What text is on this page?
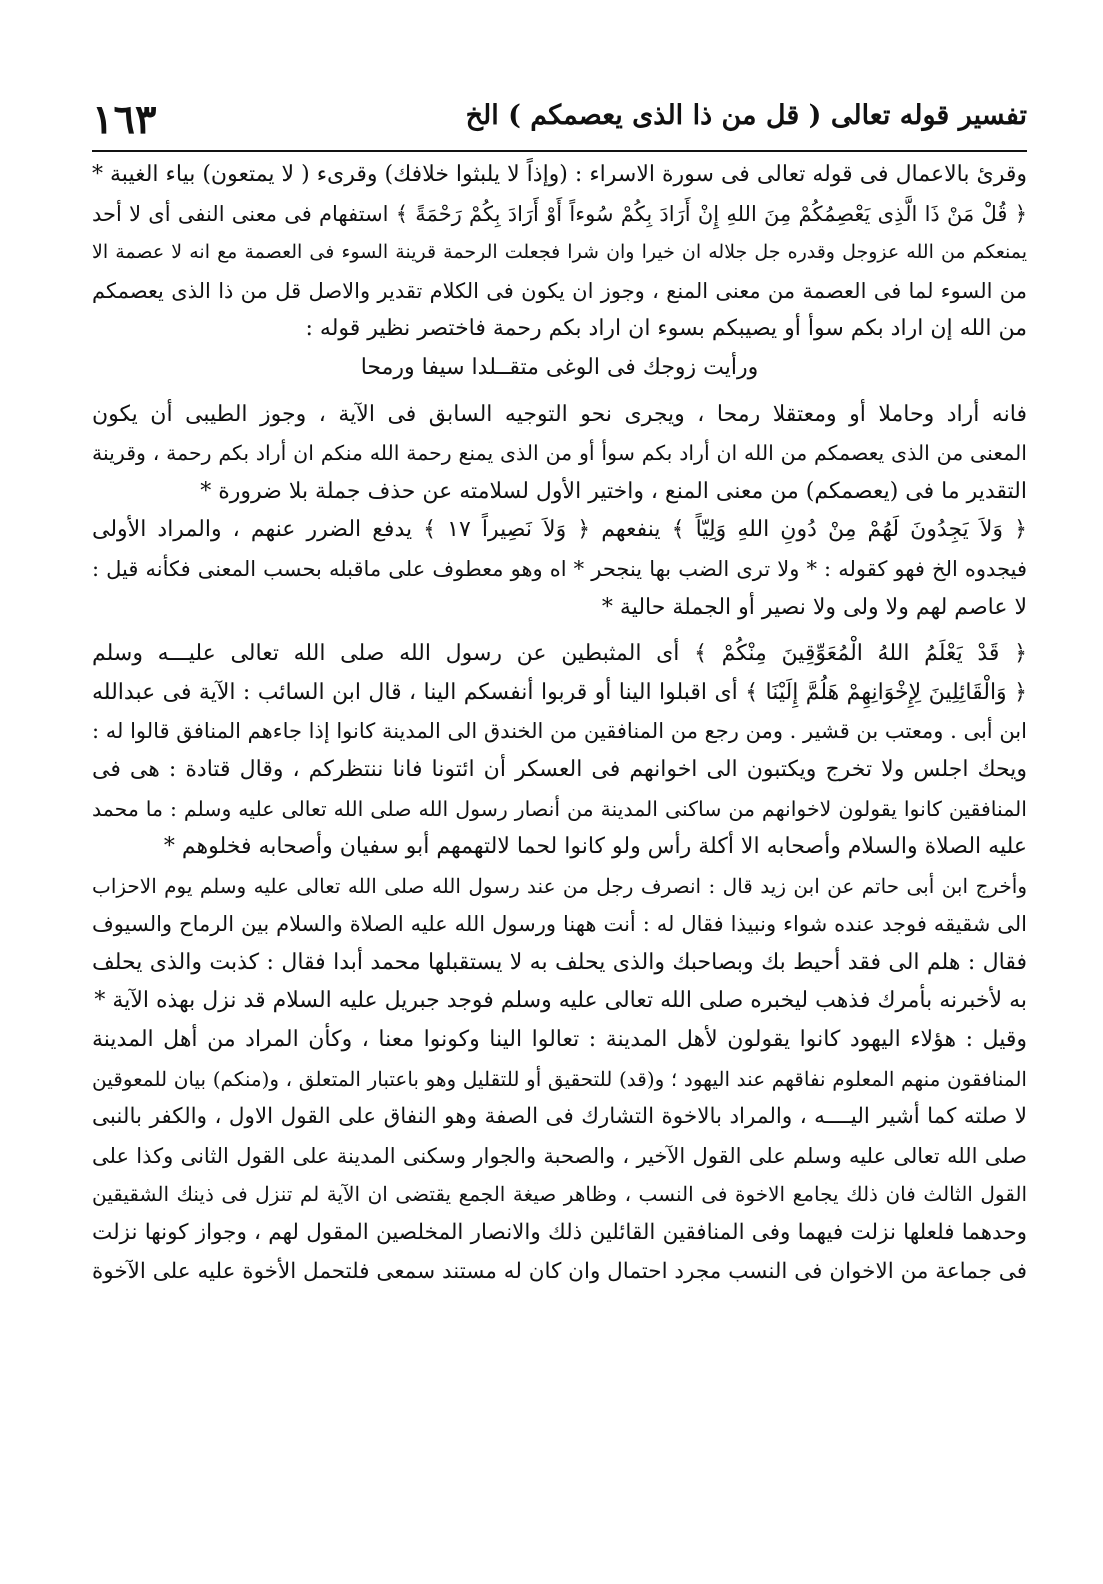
تفسير قوله تعالى ( قل من ذا الذى يعصمكم ) الخ
١٦٣
وقرئ بالاعمال فى قوله تعالى فى سورة الاسراء : (وإذاً لا يلبثوا خلافك) وقرىء ( لا يمتعون) بياء الغيبة *
﴿ قُلْ مَنْ ذَا الَّذِى يَعْصِمُكُمْ مِنَ اللهِ إِنْ أَرَادَ بِكُمْ سُوءاً أَوْ أَرَادَ بِكُمْ رَحْمَةً ﴾ استفهام فى معنى النفى أى لا أحد
يمنعكم من الله عزوجل وقدره جل جلاله ان خيرا وان شرا فجعلت الرحمة قرينة السوء فى العصمة مع انه لا عصمة الا
من السوء لما فى العصمة من معنى المنع ، وجوز ان يكون فى الكلام تقدير والاصل قل من ذا الذى يعصمكم
من الله إن اراد بكم سوأ أو يصيبكم بسوء ان اراد بكم رحمة فاختصر نظير قوله :
ورأيت زوجك فى الوغى متقــلدا سيفا ورمحا
فانه أراد وحاملا أو ومعتقلا رمحا ، ويجرى نحو التوجيه السابق فى الآية ، وجوز الطيبى أن يكون
المعنى من الذى يعصمكم من الله ان أراد بكم سوأ أو من الذى يمنع رحمة الله منكم ان أراد بكم رحمة ، وقرينة
التقدير ما فى (يعصمكم) من معنى المنع ، واختير الأول لسلامته عن حذف جملة بلا ضرورة *
﴿ وَلاَ يَجِدُونَ لَهُمْ مِنْ دُونِ اللهِ وَلِيّاً ﴾ ينفعهم ﴿ وَلاَ نَصِيراً ١٧ ﴾ يدفع الضرر عنهم ، والمراد الأولى
فيجدوه الخ فهو كقوله : * ولا ترى الضب بها ينجحر * اه وهو معطوف على ماقبله بحسب المعنى فكأنه قيل :
لا عاصم لهم ولا ولى ولا نصير أو الجملة حالية *
﴿ قَدْ يَعْلَمُ اللهُ الْمُعَوِّقِينَ مِنْكُمْ ﴾ أى المثبطين عن رسول الله صلى الله تعالى عليـــه وسلم
﴿ وَالْقَائِلِينَ لِإِخْوَانِهِمْ هَلُمَّ إِلَيْنَا ﴾ أى اقبلوا الينا أو قربوا أنفسكم الينا ، قال ابن السائب : الآية فى عبدالله
ابن أبى . ومعتب بن قشير . ومن رجع من المنافقين من الخندق الى المدينة كانوا إذا جاءهم المنافق قالوا له :
ويحك اجلس ولا تخرج ويكتبون الى اخوانهم فى العسكر أن ائتونا فانا ننتظركم ، وقال قتادة : هى فى
المنافقين كانوا يقولون لاخوانهم من ساكنى المدينة من أنصار رسول الله صلى الله تعالى عليه وسلم : ما محمد
عليه الصلاة والسلام وأصحابه الا أكلة رأس ولو كانوا لحما لالتهمهم أبو سفيان وأصحابه فخلوهم *
وأخرج ابن أبى حاتم عن ابن زيد قال : انصرف رجل من عند رسول الله صلى الله تعالى عليه وسلم يوم الاحزاب
الى شقيقه فوجد عنده شواء ونبيذا فقال له : أنت ههنا ورسول الله عليه الصلاة والسلام بين الرماح والسيوف
فقال : هلم الى فقد أحيط بك وبصاحبك والذى يحلف به لا يستقبلها محمد أبدا فقال : كذبت والذى يحلف
به لأخبرنه بأمرك فذهب ليخبره صلى الله تعالى عليه وسلم فوجد جبريل عليه السلام قد نزل بهذه الآية *
وقيل : هؤلاء اليهود كانوا يقولون لأهل المدينة : تعالوا الينا وكونوا معنا ، وكأن المراد من أهل المدينة
المنافقون منهم المعلوم نفاقهم عند اليهود ؛ و(قد) للتحقيق أو للتقليل وهو باعتبار المتعلق ، و(منكم) بيان للمعوقين
لا صلته كما أشير اليــــه ، والمراد بالاخوة التشارك فى الصفة وهو النفاق على القول الاول ، والكفر بالنبى
صلى الله تعالى عليه وسلم على القول الآخير ، والصحبة والجوار وسكنى المدينة على القول الثانى وكذا على
القول الثالث فان ذلك يجامع الاخوة فى النسب ، وظاهر صيغة الجمع يقتضى ان الآية لم تنزل فى ذينك الشقيقين
وحدهما فلعلها نزلت فيهما وفى المنافقين القائلين ذلك والانصار المخلصين المقول لهم ، وجواز كونها نزلت
فى جماعة من الاخوان فى النسب مجرد احتمال وان كان له مستند سمعى فلتحمل الأخوة عليه على الآخوة
